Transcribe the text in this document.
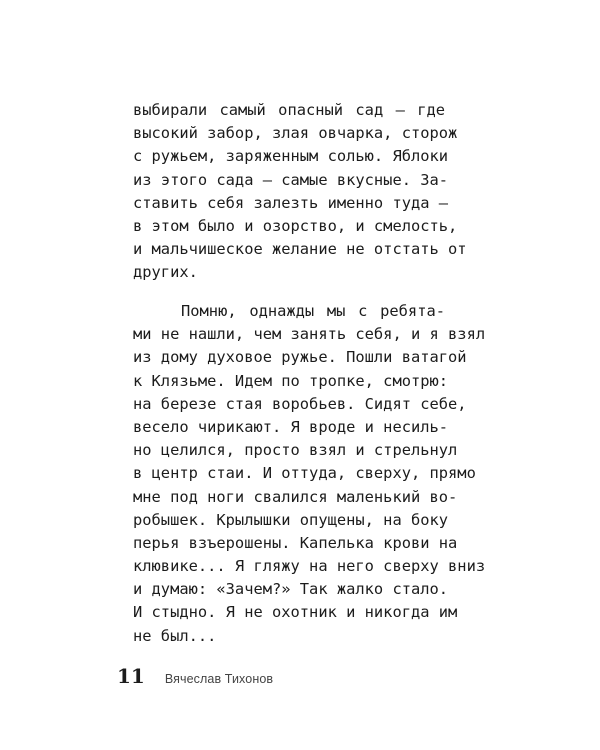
выбирали самый опасный сад — где
высокий забор, злая овчарка, сторож
с ружьем, заряженным солью. Яблоки
из этого сада — самые вкусные. За-
ставить себя залезть именно туда —
в этом было и озорство, и смелость,
и мальчишеское желание не отстать от
других.
Помню, однажды мы с ребята-
ми не нашли, чем занять себя, и я взял
из дому духовое ружье. Пошли ватагой
к Клязьме. Идем по тропке, смотрю:
на березе стая воробьев. Сидят себе,
весело чирикают. Я вроде и несиль-
но целился, просто взял и стрельнул
в центр стаи. И оттуда, сверху, прямо
мне под ноги свалился маленький во-
робышек. Крылышки опущены, на боку
перья взъерошены. Капелька крови на
клювике... Я гляжу на него сверху вниз
и думаю: «Зачем?» Так жалко стало.
И стыдно. Я не охотник и никогда им
не был...
11 Вячеслав Тихонов
